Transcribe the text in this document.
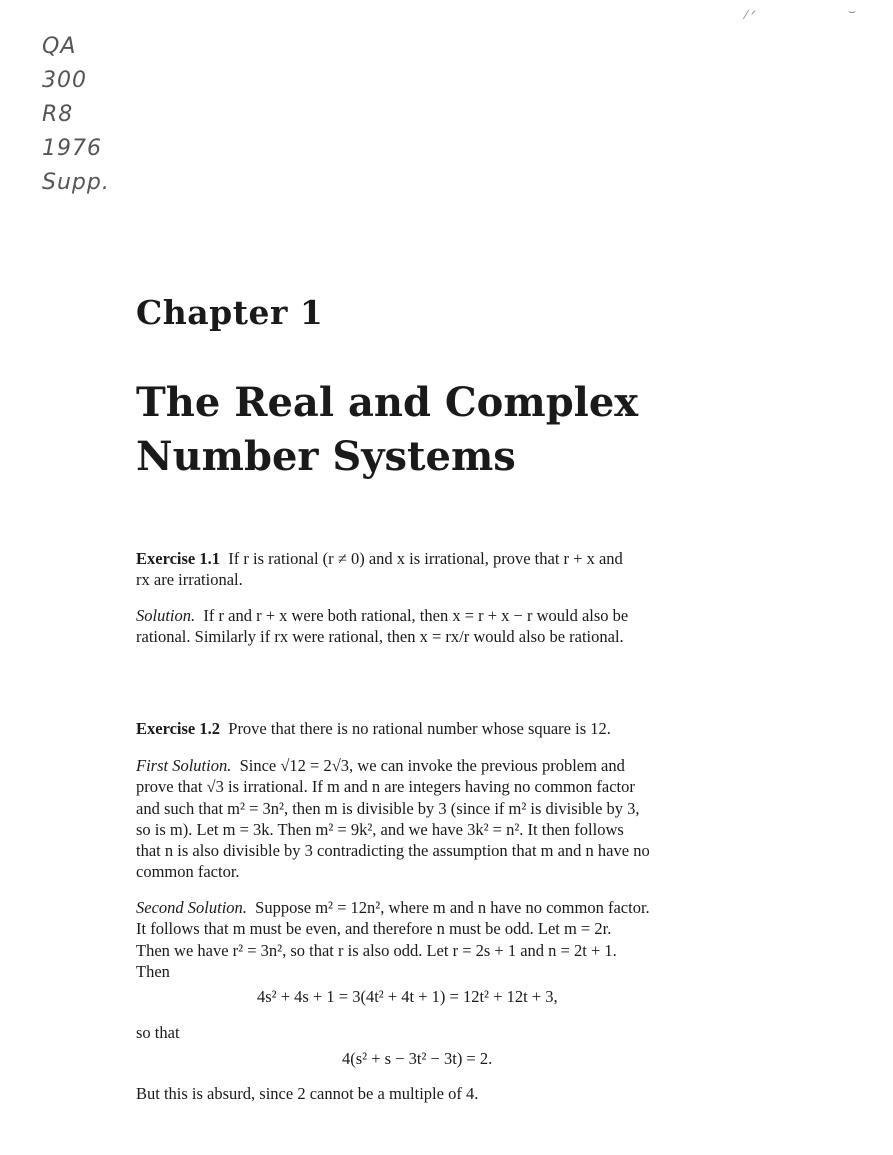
QA
300
R8
1976
Supp.
⁄ ᐟ	⌣
Chapter 1
The Real and Complex
Number Systems
Exercise 1.1 If r is rational (r ≠ 0) and x is irrational, prove that r + x and
rx are irrational.
Solution. If r and r + x were both rational, then x = r + x − r would also be
rational. Similarly if rx were rational, then x = rx/r would also be rational.
Exercise 1.2 Prove that there is no rational number whose square is 12.
First Solution. Since √12 = 2√3, we can invoke the previous problem and
prove that √3 is irrational. If m and n are integers having no common factor
and such that m² = 3n², then m is divisible by 3 (since if m² is divisible by 3,
so is m). Let m = 3k. Then m² = 9k², and we have 3k² = n². It then follows
that n is also divisible by 3 contradicting the assumption that m and n have no
common factor.
Second Solution. Suppose m² = 12n², where m and n have no common factor.
It follows that m must be even, and therefore n must be odd. Let m = 2r.
Then we have r² = 3n², so that r is also odd. Let r = 2s + 1 and n = 2t + 1.
Then
4s² + 4s + 1 = 3(4t² + 4t + 1) = 12t² + 12t + 3,
so that
4(s² + s − 3t² − 3t) = 2.
But this is absurd, since 2 cannot be a multiple of 4.
